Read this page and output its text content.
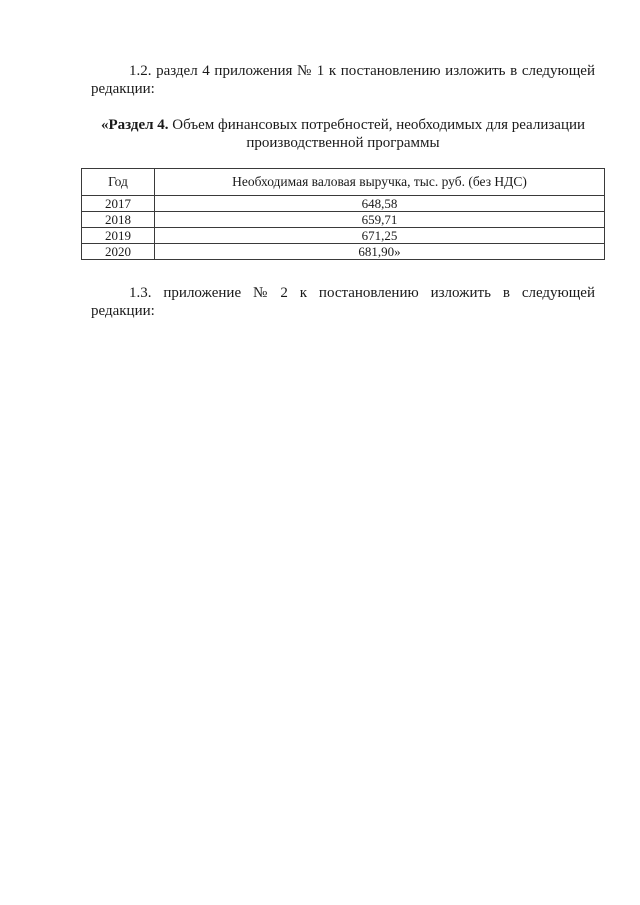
1.2. раздел 4 приложения № 1 к постановлению изложить в следующей
редакции:
«Раздел 4. Объем финансовых потребностей, необходимых для реализации
производственной программы
Год	Необходимая валовая выручка, тыс. руб. (без НДС)
2017	648,58
2018	659,71
2019	671,25
2020	681,90»
1.3. приложение № 2 к постановлению изложить в следующей
редакции:
